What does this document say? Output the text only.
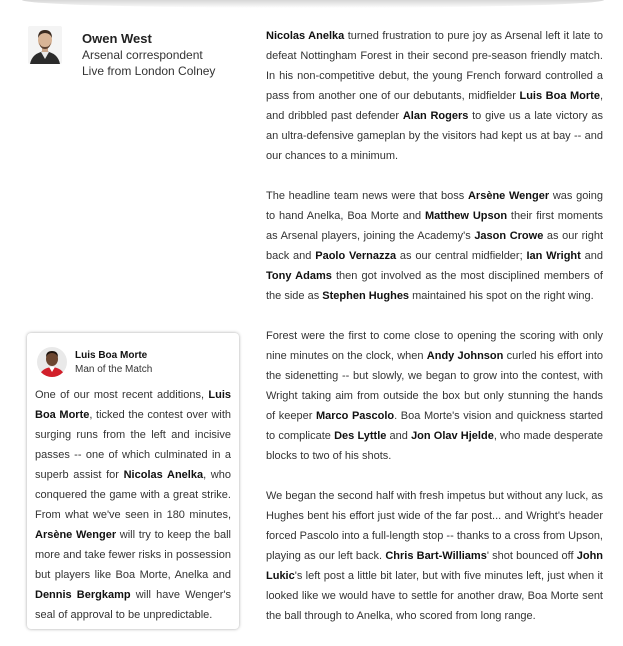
Owen West
Arsenal correspondent
Live from London Colney

Nicolas Anelka turned frustration to pure joy as Arsenal left it late to defeat Nottingham Forest in their second pre-season friendly match. In his non-competitive debut, the young French forward controlled a pass from another one of our debutants, midfielder Luis Boa Morte, and dribbled past defender Alan Rogers to give us a late victory as an ultra-defensive gameplan by the visitors had kept us at bay -- and our chances to a minimum.

The headline team news were that boss Arsène Wenger was going to hand Anelka, Boa Morte and Matthew Upson their first moments as Arsenal players, joining the Academy's Jason Crowe as our right back and Paolo Vernazza as our central midfielder; Ian Wright and Tony Adams then got involved as the most disciplined members of the side as Stephen Hughes maintained his spot on the right wing.

Forest were the first to come close to opening the scoring with only nine minutes on the clock, when Andy Johnson curled his effort into the sidenetting -- but slowly, we began to grow into the contest, with Wright taking aim from outside the box but only stunning the hands of keeper Marco Pascolo. Boa Morte's vision and quickness started to complicate Des Lyttle and Jon Olav Hjelde, who made desperate blocks to two of his shots.

We began the second half with fresh impetus but without any luck, as Hughes bent his effort just wide of the far post... and Wright's header forced Pascolo into a full-length stop -- thanks to a cross from Upson, playing as our left back. Chris Bart-Williams' shot bounced off John Lukic's left post a little bit later, but with five minutes left, just when it looked like we would have to settle for another draw, Boa Morte sent the ball through to Anelka, who scored from long range.

Luis Boa Morte
Man of the Match
One of our most recent additions, Luis Boa Morte, ticked the contest over with surging runs from the left and incisive passes -- one of which culminated in a superb assist for Nicolas Anelka, who conquered the game with a great strike. From what we've seen in 180 minutes, Arsène Wenger will try to keep the ball more and take fewer risks in possession but players like Boa Morte, Anelka and Dennis Bergkamp will have Wenger's seal of approval to be unpredictable.
